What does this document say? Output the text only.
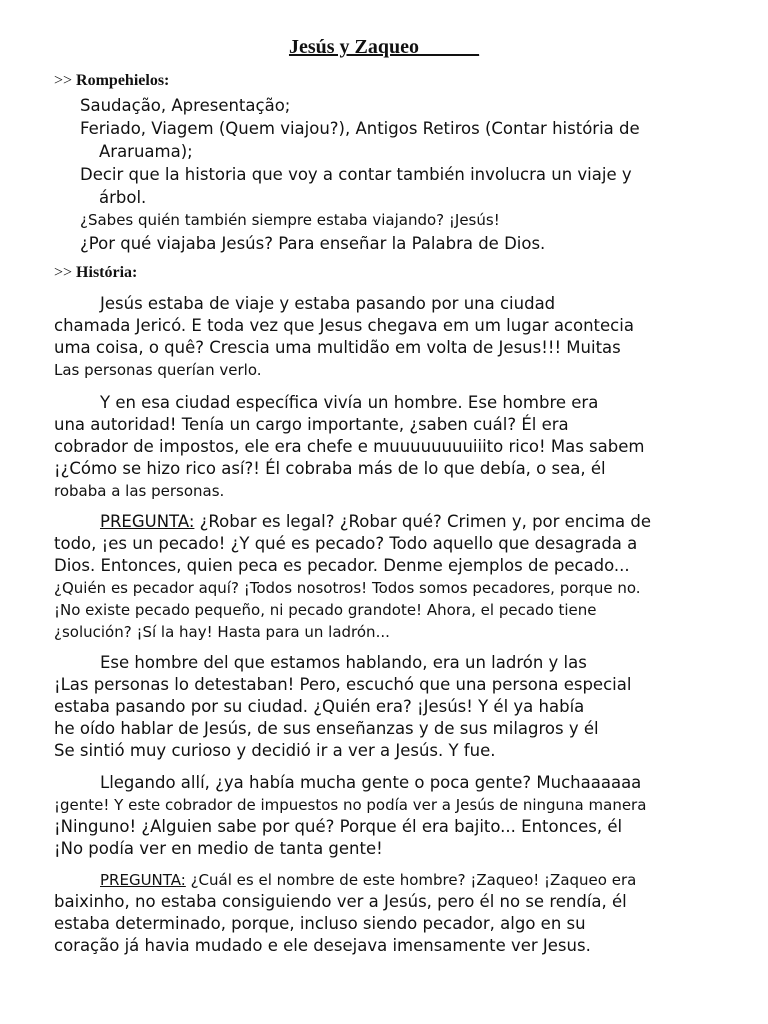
Jesús y Zaqueo______
>> Rompehielos:
Saudação, Apresentação;
Feriado, Viagem (Quem viajou?), Antigos Retiros (Contar história de
Araruama);
Decir que la historia que voy a contar también involucra un viaje y
árbol.
¿Sabes quién también siempre estaba viajando? ¡Jesús!
¿Por qué viajaba Jesús? Para enseñar la Palabra de Dios.
>> História:
Jesús estaba de viaje y estaba pasando por una ciudad
chamada Jericó. E toda vez que Jesus chegava em um lugar acontecia
uma coisa, o quê? Crescia uma multidão em volta de Jesus!!! Muitas
Las personas querían verlo.
Y en esa ciudad específica vivía un hombre. Ese hombre era
una autoridad! Tenía un cargo importante, ¿saben cuál? Él era
cobrador de impostos, ele era chefe e muuuuuuuuiiito rico! Mas sabem
¡¿Cómo se hizo rico así?! Él cobraba más de lo que debía, o sea, él
robaba a las personas.
PREGUNTA: ¿Robar es legal? ¿Robar qué? Crimen y, por encima de
todo, ¡es un pecado! ¿Y qué es pecado? Todo aquello que desagrada a
Dios. Entonces, quien peca es pecador. Denme ejemplos de pecado...
¿Quién es pecador aquí? ¡Todos nosotros! Todos somos pecadores, porque no.
¡No existe pecado pequeño, ni pecado grandote! Ahora, el pecado tiene
¿solución? ¡Sí la hay! Hasta para un ladrón...
Ese hombre del que estamos hablando, era un ladrón y las
¡Las personas lo detestaban! Pero, escuchó que una persona especial
estaba pasando por su ciudad. ¿Quién era? ¡Jesús! Y él ya había
he oído hablar de Jesús, de sus enseñanzas y de sus milagros y él
Se sintió muy curioso y decidió ir a ver a Jesús. Y fue.
Llegando allí, ¿ya había mucha gente o poca gente? Muchaaaaaa
¡gente! Y este cobrador de impuestos no podía ver a Jesús de ninguna manera
¡Ninguno! ¿Alguien sabe por qué? Porque él era bajito... Entonces, él
¡No podía ver en medio de tanta gente!
PREGUNTA: ¿Cuál es el nombre de este hombre? ¡Zaqueo! ¡Zaqueo era
baixinho, no estaba consiguiendo ver a Jesús, pero él no se rendía, él
estaba determinado, porque, incluso siendo pecador, algo en su
coração já havia mudado e ele desejava imensamente ver Jesus.
